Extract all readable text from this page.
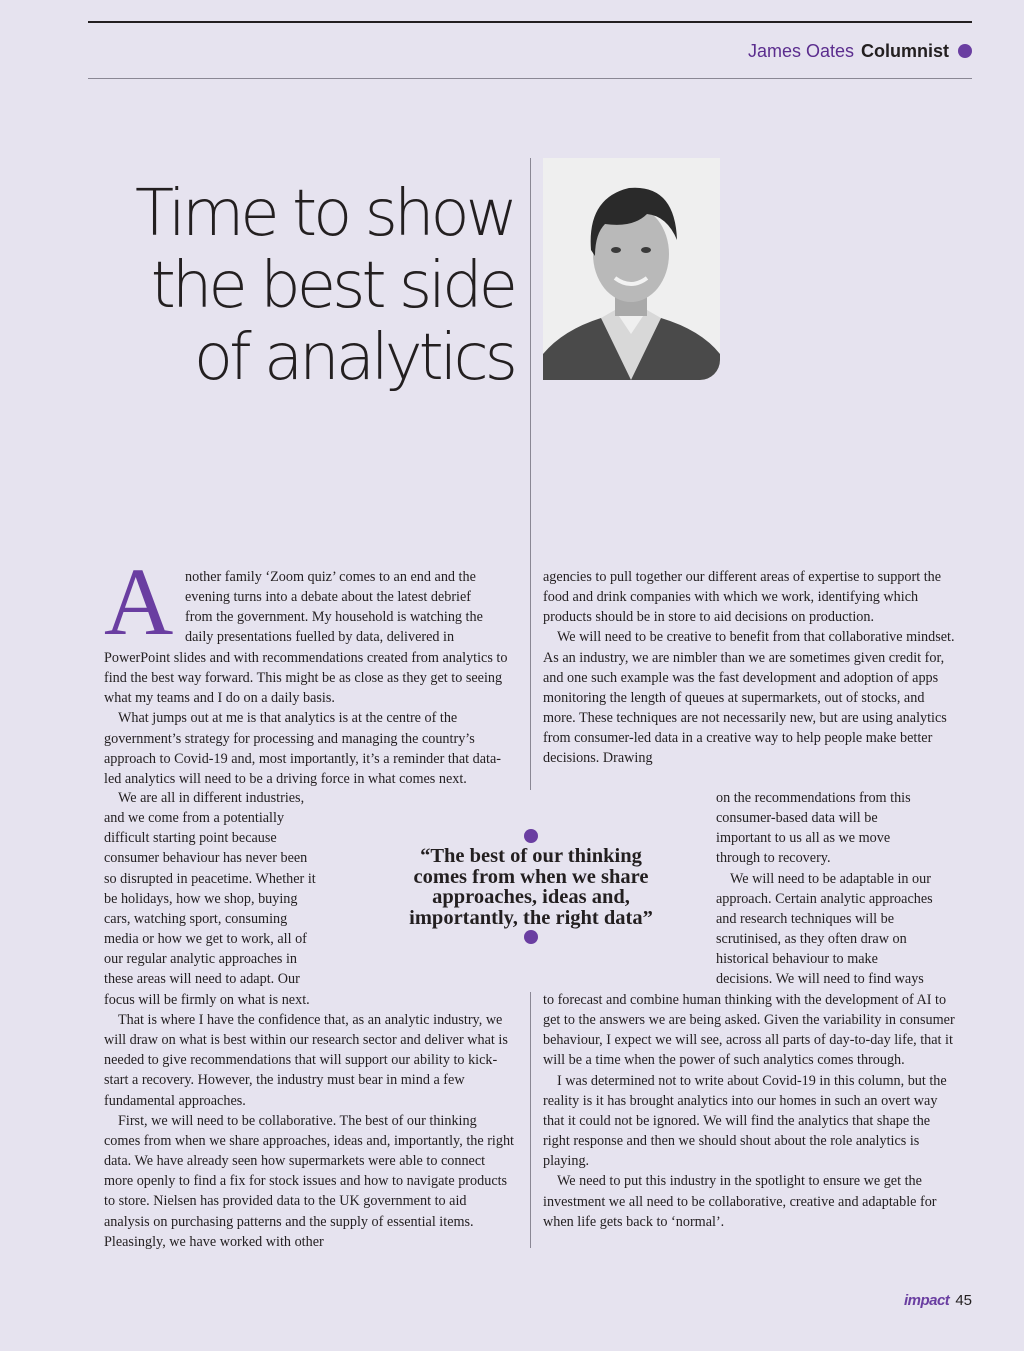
James Oates Columnist
Time to show
the best side
of analytics
A nother family ‘Zoom quiz’ comes to an end and the
evening turns into a debate about the latest debrief
from the government. My household is watching the
daily presentations fuelled by data, delivered in

PowerPoint slides and with recommendations created from analytics to find the best way forward. This might be as close as they get to seeing what my teams and I do on a daily basis.

What jumps out at me is that analytics is at the centre of the government’s strategy for processing and managing the country’s approach to Covid-19 and, most importantly, it’s a reminder that data-led analytics will need to be a driving force in what comes next.

We are all in different industries,
and we come from a potentially
difficult starting point because
consumer behaviour has never been
so disrupted in peacetime. Whether it
be holidays, how we shop, buying
cars, watching sport, consuming
media or how we get to work, all of
our regular analytic approaches in
these areas will need to adapt. Our
focus will be firmly on what is next.

That is where I have the confidence that, as an analytic industry, we will draw on what is best within our research sector and deliver what is needed to give recommendations that will support our ability to kick-start a recovery. However, the industry must bear in mind a few fundamental approaches.

First, we will need to be collaborative. The best of our thinking comes from when we share approaches, ideas and, importantly, the right data. We have already seen how supermarkets were able to connect more openly to find a fix for stock issues and how to navigate products to store. Nielsen has provided data to the UK government to aid analysis on purchasing patterns and the supply of essential items. Pleasingly, we have worked with other

“The best of our thinking
comes from when we share
approaches, ideas and,
importantly, the right data”

agencies to pull together our different areas of expertise to support the food and drink companies with which we work, identifying which products should be in store to aid decisions on production.

We will need to be creative to benefit from that collaborative mindset. As an industry, we are nimbler than we are sometimes given credit for, and one such example was the fast development and adoption of apps monitoring the length of queues at supermarkets, out of stocks, and more. These techniques are not necessarily new, but are using analytics from consumer-led data in a creative way to help people make better decisions. Drawing

on the recommendations from this
consumer-based data will be
important to us all as we move
through to recovery.
We will need to be adaptable in our
approach. Certain analytic approaches
and research techniques will be
scrutinised, as they often draw on
historical behaviour to make
decisions. We will need to find ways

to forecast and combine human thinking with the development of AI to get to the answers we are being asked. Given the variability in consumer behaviour, I expect we will see, across all parts of day-to-day life, that it will be a time when the power of such analytics comes through.

I was determined not to write about Covid-19 in this column, but the reality is it has brought analytics into our homes in such an overt way that it could not be ignored. We will find the analytics that shape the right response and then we should shout about the role analytics is playing.

We need to put this industry in the spotlight to ensure we get the investment we all need to be collaborative, creative and adaptable for when life gets back to ‘normal’.

impact 45
